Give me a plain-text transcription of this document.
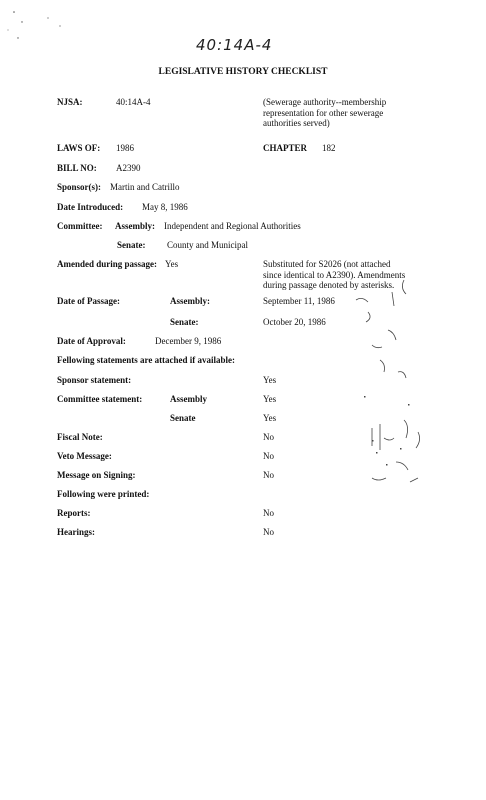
40:14A-4
LEGISLATIVE HISTORY CHECKLIST
NJSA:	40:14A-4	(Sewerage authority--membership
representation for other sewerage
authorities served)
LAWS OF: 1986	CHAPTER 182
BILL NO: A2390
Sponsor(s): Martin and Catrillo
Date Introduced: May 8, 1986
Committee: Assembly: Independent and Regional Authorities
Senate: County and Municipal
Amended during passage: Yes	Substituted for S2026 (not attached
since identical to A2390). Amendments
during passage denoted by asterisks.
Date of Passage:	Assembly:	September 11, 1986
Senate:	October 20, 1986
Date of Approval:	December 9, 1986
Fellowing statements are attached if available:
Sponsor statement:	Yes
Committee statement:	Assembly	Yes
Senate	Yes
Fiscal Note:	No
Veto Message:	No
Message on Signing:	No
Following were printed:
Reports:	No
Hearings:	No
